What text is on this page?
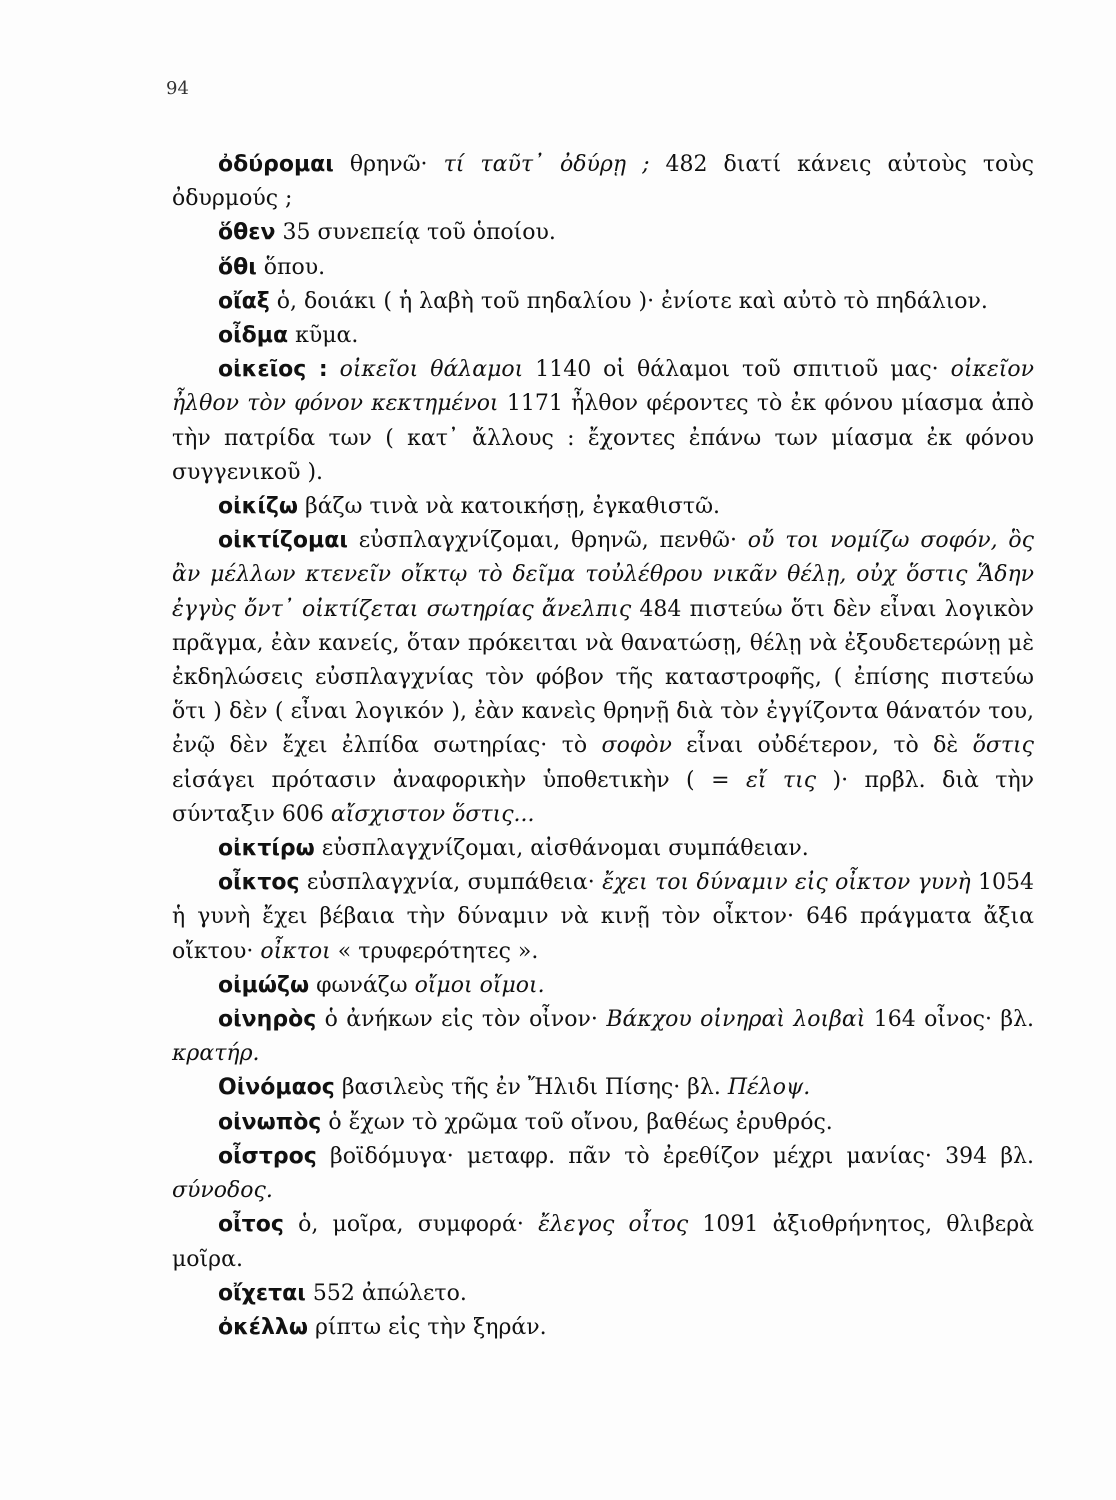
94

ὀδύρομαι θρηνῶ· τί ταῦτ᾽ ὀδύρῃ ; 482 διατί κάνεις αὐτοὺς τοὺς ὀδυρμούς ;

ὅθεν 35 συνεπείᾳ τοῦ ὁποίου.

ὅθι ὅπου.

οἴαξ ὁ, δοιάκι ( ἡ λαβὴ τοῦ πηδαλίου )· ἐνίοτε καὶ αὐτὸ τὸ πηδάλιον.

οἶδμα κῦμα.

οἰκεῖος : οἰκεῖοι θάλαμοι 1140 οἱ θάλαμοι τοῦ σπιτιοῦ μας· οἰκεῖον ἦλθον τὸν φόνον κεκτημένοι 1171 ἦλθον φέροντες τὸ ἐκ φόνου μίασμα ἀπὸ τὴν πατρίδα των ( κατ᾽ ἄλλους : ἔχοντες ἐπάνω των μίασμα ἐκ φόνου συγγενικοῦ ).

οἰκίζω βάζω τινὰ νὰ κατοικήσῃ, ἐγκαθιστῶ.

οἰκτίζομαι εὐσπλαγχνίζομαι, θρηνῶ, πενθῶ· οὔ τοι νομίζω σοφόν, ὃς ἂν μέλλων κτενεῖν οἴκτῳ τὸ δεῖμα τοὐλέθρου νικᾶν θέλῃ, οὐχ ὅστις Ἅδην ἐγγὺς ὄντ᾽ οἰκτίζεται σωτηρίας ἄνελπις 484 πιστεύω ὅτι δὲν εἶναι λογικὸν πρᾶγμα, ἐὰν κανείς, ὅταν πρόκειται νὰ θανατώσῃ, θέλῃ νὰ ἐξουδετερώνῃ μὲ ἐκδηλώσεις εὐσπλαγχνίας τὸν φόβον τῆς καταστροφῆς, ( ἐπίσης πιστεύω ὅτι ) δὲν ( εἶναι λογικόν ), ἐὰν κανεὶς θρηνῇ διὰ τὸν ἐγγίζοντα θάνατόν του, ἐνῷ δὲν ἔχει ἐλπίδα σωτηρίας· τὸ σοφὸν εἶναι οὐδέτερον, τὸ δὲ ὅστις εἰσάγει πρότασιν ἀναφορικὴν ὑποθετικὴν ( = εἴ τις )· πρβλ. διὰ τὴν σύνταξιν 606 αἴσχιστον ὅστις...

οἰκτίρω εὐσπλαγχνίζομαι, αἰσθάνομαι συμπάθειαν.

οἶκτος εὐσπλαγχνία, συμπάθεια· ἔχει τοι δύναμιν εἰς οἶκτον γυνὴ 1054 ἡ γυνὴ ἔχει βέβαια τὴν δύναμιν νὰ κινῇ τὸν οἶκτον· 646 πράγματα ἄξια οἴκτου· οἶκτοι « τρυφερότητες ».

οἰμώζω φωνάζω οἴμοι οἴμοι.

οἰνηρὸς ὁ ἀνήκων εἰς τὸν οἶνον· Βάκχου οἰνηραὶ λοιβαὶ 164 οἶνος· βλ. κρατήρ.

Οἰνόμαος βασιλεὺς τῆς ἐν Ἤλιδι Πίσης· βλ. Πέλοψ.

οἰνωπὸς ὁ ἔχων τὸ χρῶμα τοῦ οἴνου, βαθέως ἐρυθρός.

οἶστρος βοϊδόμυγα· μεταφρ. πᾶν τὸ ἐρεθίζον μέχρι μανίας· 394 βλ. σύνοδος.

οἶτος ὁ, μοῖρα, συμφορά· ἔλεγος οἶτος 1091 ἀξιοθρήνητος, θλιβερὰ μοῖρα.

οἴχεται 552 ἀπώλετο.

ὀκέλλω ρίπτω εἰς τὴν ξηράν.
